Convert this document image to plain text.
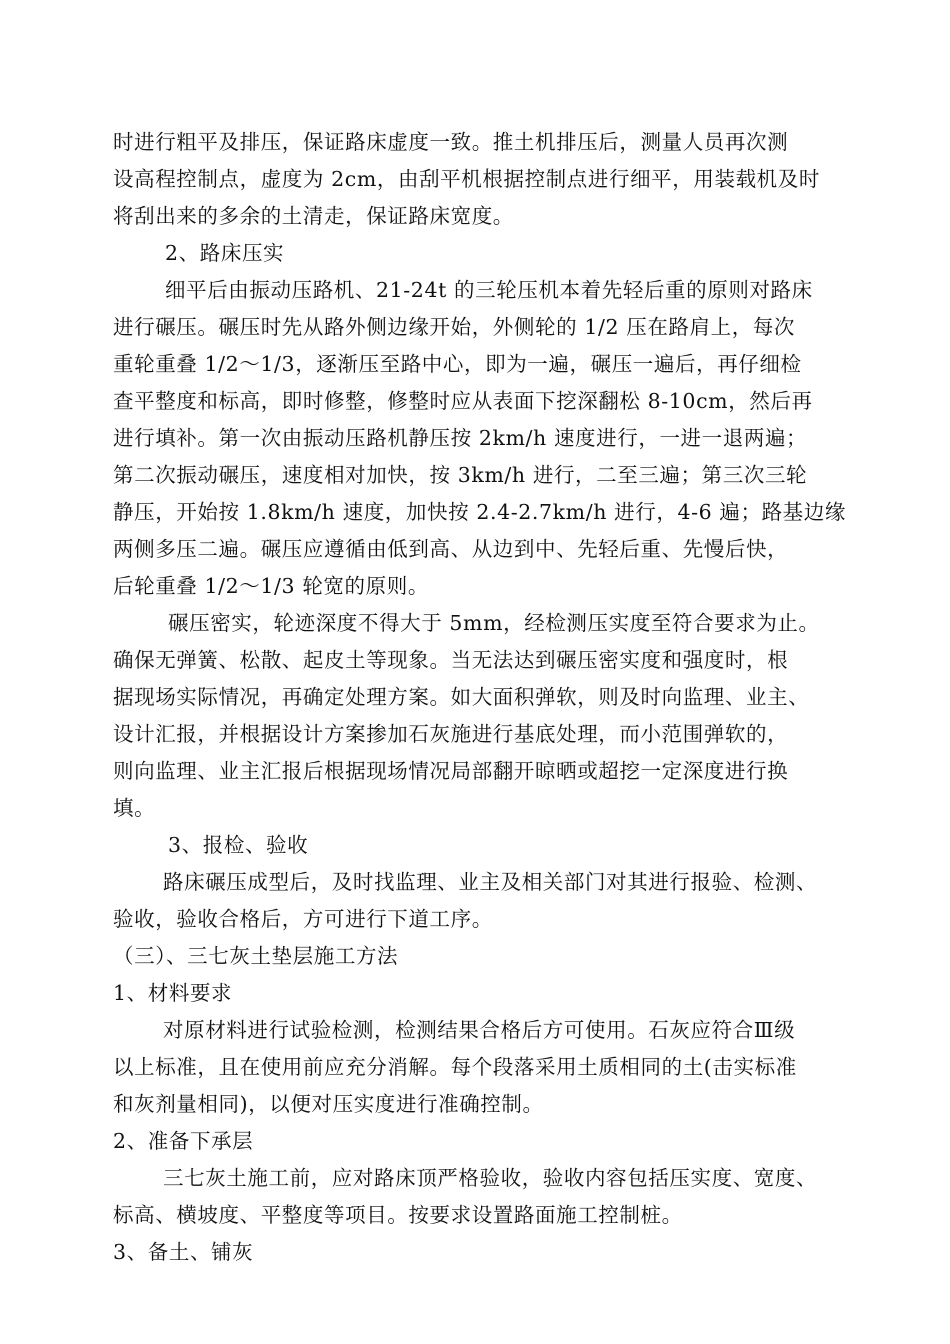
时进行粗平及排压，保证路床虚度一致。推土机排压后，测量人员再次测
设高程控制点，虚度为 2cm，由刮平机根据控制点进行细平，用装载机及时
将刮出来的多余的土清走，保证路床宽度。
2、路床压实
细平后由振动压路机、21-24t 的三轮压机本着先轻后重的原则对路床
进行碾压。碾压时先从路外侧边缘开始，外侧轮的 1/2 压在路肩上，每次
重轮重叠 1/2～1/3，逐渐压至路中心，即为一遍，碾压一遍后，再仔细检
查平整度和标高，即时修整，修整时应从表面下挖深翻松 8-10cm，然后再
进行填补。第一次由振动压路机静压按 2km/h 速度进行，一进一退两遍；
第二次振动碾压，速度相对加快，按 3km/h 进行，二至三遍；第三次三轮
静压，开始按 1.8km/h 速度，加快按 2.4-2.7km/h 进行，4-6 遍；路基边缘
两侧多压二遍。碾压应遵循由低到高、从边到中、先轻后重、先慢后快，
后轮重叠 1/2～1/3 轮宽的原则。
碾压密实，轮迹深度不得大于 5mm，经检测压实度至符合要求为止。
确保无弹簧、松散、起皮土等现象。当无法达到碾压密实度和强度时，根
据现场实际情况，再确定处理方案。如大面积弹软，则及时向监理、业主、
设计汇报，并根据设计方案掺加石灰施进行基底处理，而小范围弹软的，
则向监理、业主汇报后根据现场情况局部翻开晾晒或超挖一定深度进行换
填。
3、报检、验收
路床碾压成型后，及时找监理、业主及相关部门对其进行报验、检测、
验收，验收合格后，方可进行下道工序。
（三）、三七灰土垫层施工方法
1、材料要求
对原材料进行试验检测，检测结果合格后方可使用。石灰应符合Ⅲ级
以上标准，且在使用前应充分消解。每个段落采用土质相同的土(击实标准
和灰剂量相同)，以便对压实度进行准确控制。
2、准备下承层
三七灰土施工前，应对路床顶严格验收，验收内容包括压实度、宽度、
标高、横坡度、平整度等项目。按要求设置路面施工控制桩。
3、备土、铺灰
